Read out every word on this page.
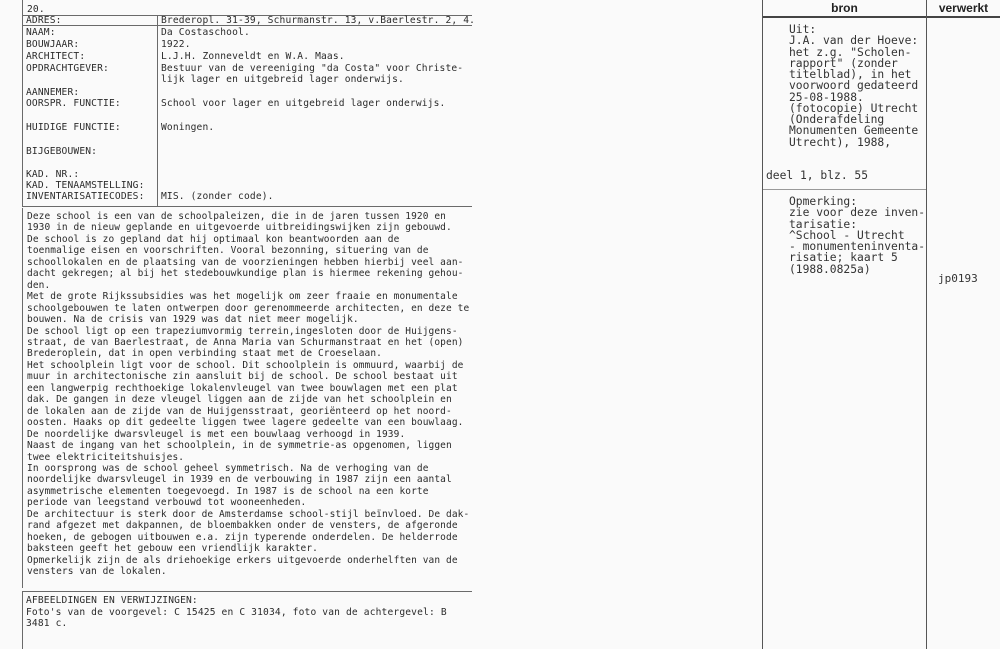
20.
ADRES:	Brederopl. 31-39, Schurmanstr. 13, v.Baerlestr. 2, 4.
NAAM:	Da Costaschool.
BOUWJAAR:	1922.
ARCHITECT:	L.J.H. Zonneveldt en W.A. Maas.
OPDRACHTGEVER:	Bestuur van de vereeniging "da Costa" voor Christe-
lijk lager en uitgebreid lager onderwijs.
AANNEMER:
OORSPR. FUNCTIE:	School voor lager en uitgebreid lager onderwijs.
HUIDIGE FUNCTIE:	Woningen.
BIJGEBOUWEN:
KAD. NR.:
KAD. TENAAMSTELLING:
INVENTARISATIECODES: MIS. (zonder code).
Deze school is een van de schoolpaleizen, die in de jaren tussen 1920 en
1930 in de nieuw geplande en uitgevoerde uitbreidingswijken zijn gebouwd.
De school is zo gepland dat hij optimaal kon beantwoorden aan de
toenmalige eisen en voorschriften. Vooral bezonning, situering van de
schoollokalen en de plaatsing van de voorzieningen hebben hierbij veel aan-
dacht gekregen; al bij het stedebouwkundige plan is hiermee rekening gehou-
den.
Met de grote Rijkssubsidies was het mogelijk om zeer fraaie en monumentale
schoolgebouwen te laten ontwerpen door gerenommeerde architecten, en deze te
bouwen. Na de crisis van 1929 was dat niet meer mogelijk.
De school ligt op een trapeziumvormig terrein,ingesloten door de Huijgens-
straat, de van Baerlestraat, de Anna Maria van Schurmanstraat en het (open)
Brederoplein, dat in open verbinding staat met de Croeselaan.
Het schoolplein ligt voor de school. Dit schoolplein is ommuurd, waarbij de
muur in architectonische zin aansluit bij de school. De school bestaat uit
een langwerpig rechthoekige lokalenvleugel van twee bouwlagen met een plat
dak. De gangen in deze vleugel liggen aan de zijde van het schoolplein en
de lokalen aan de zijde van de Huijgensstraat, georiënteerd op het noord-
oosten. Haaks op dit gedeelte liggen twee lagere gedeelte van een bouwlaag.
De noordelijke dwarsvleugel is met een bouwlaag verhoogd in 1939.
Naast de ingang van het schoolplein, in de symmetrie-as opgenomen, liggen
twee elektriciteitshuisjes.
In oorsprong was de school geheel symmetrisch. Na de verhoging van de
noordelijke dwarsvleugel in 1939 en de verbouwing in 1987 zijn een aantal
asymmetrische elementen toegevoegd. In 1987 is de school na een korte
periode van leegstand verbouwd tot wooneenheden.
De architectuur is sterk door de Amsterdamse school-stijl beïnvloed. De dak-
rand afgezet met dakpannen, de bloembakken onder de vensters, de afgeronde
hoeken, de gebogen uitbouwen e.a. zijn typerende onderdelen. De helderrode
baksteen geeft het gebouw een vriendlijk karakter.
Opmerkelijk zijn de als driehoekige erkers uitgevoerde onderhelften van de
vensters van de lokalen.
AFBEELDINGEN EN VERWIJZINGEN:
Foto's van de voorgevel: C 15425 en C 31034, foto van de achtergevel: B
3481 c.
bron	verwerkt
Uit:
J.A. van der Hoeve:
het z.g. "Scholen-
rapport" (zonder
titelblad), in het
voorwoord gedateerd
25-08-1988.
(fotocopie) Utrecht
(Onderafdeling
Monumenten Gemeente
Utrecht), 1988,
deel 1, blz. 55
Opmerking:
zie voor deze inven-
tarisatie:
^School - Utrecht
- monumenteninventa-
risatie; kaart 5
(1988.0825a)
jp0193
